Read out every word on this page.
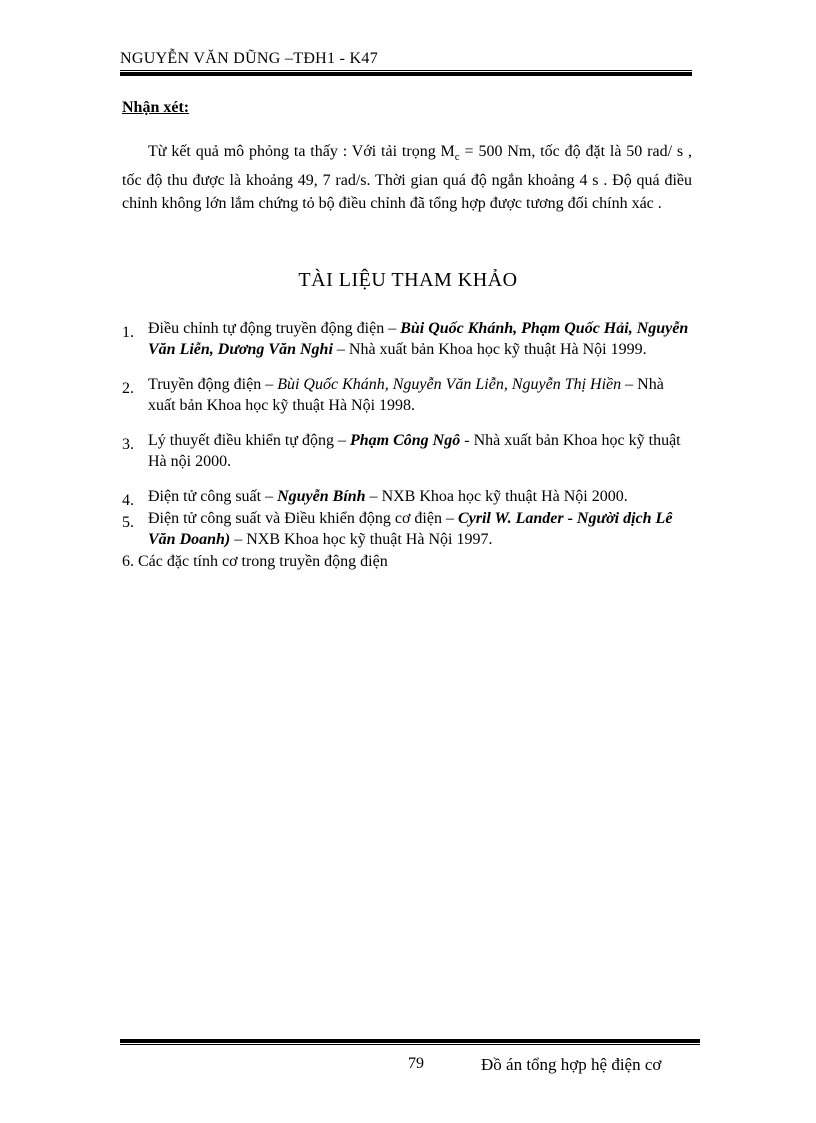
NGUYỄN VĂN DŨNG –TĐH1 - K47
Nhận xét:

Từ kết quả mô phỏng ta thấy : Với tải trọng $M_c = 500$ Nm, tốc độ đặt là 50 rad/ s , tốc độ thu được là khoảng 49, 7 rad/s. Thời gian quá độ ngắn khoảng 4 s . Độ quá điều chỉnh không lớn lắm chứng tỏ bộ điều chỉnh đã tổng hợp được tương đối chính xác .

TÀI LIỆU THAM KHẢO
1. Điều chỉnh tự động truyền động điện – Bùi Quốc Khánh, Phạm Quốc Hải, Nguyễn Văn Liễn, Dương Văn Nghi – Nhà xuất bản Khoa học kỹ thuật Hà Nội 1999.
2. Truyền động điện – Bùi Quốc Khánh, Nguyễn Văn Liễn, Nguyễn Thị Hiền – Nhà xuất bản Khoa học kỹ thuật Hà Nội 1998.
3. Lý thuyết điều khiển tự động – Phạm Công Ngô - Nhà xuất bản Khoa học kỹ thuật Hà nội 2000.
4. Điện tử công suất – Nguyễn Bính – NXB Khoa học kỹ thuật Hà Nội 2000.
5. Điện tử công suất và Điều khiển động cơ điện – Cyril W. Lander - Người dịch Lê Văn Doanh) – NXB Khoa học kỹ thuật Hà Nội 1997.
6. Các đặc tính cơ trong truyền động điện
79	Đồ án tổng hợp hệ điện cơ
